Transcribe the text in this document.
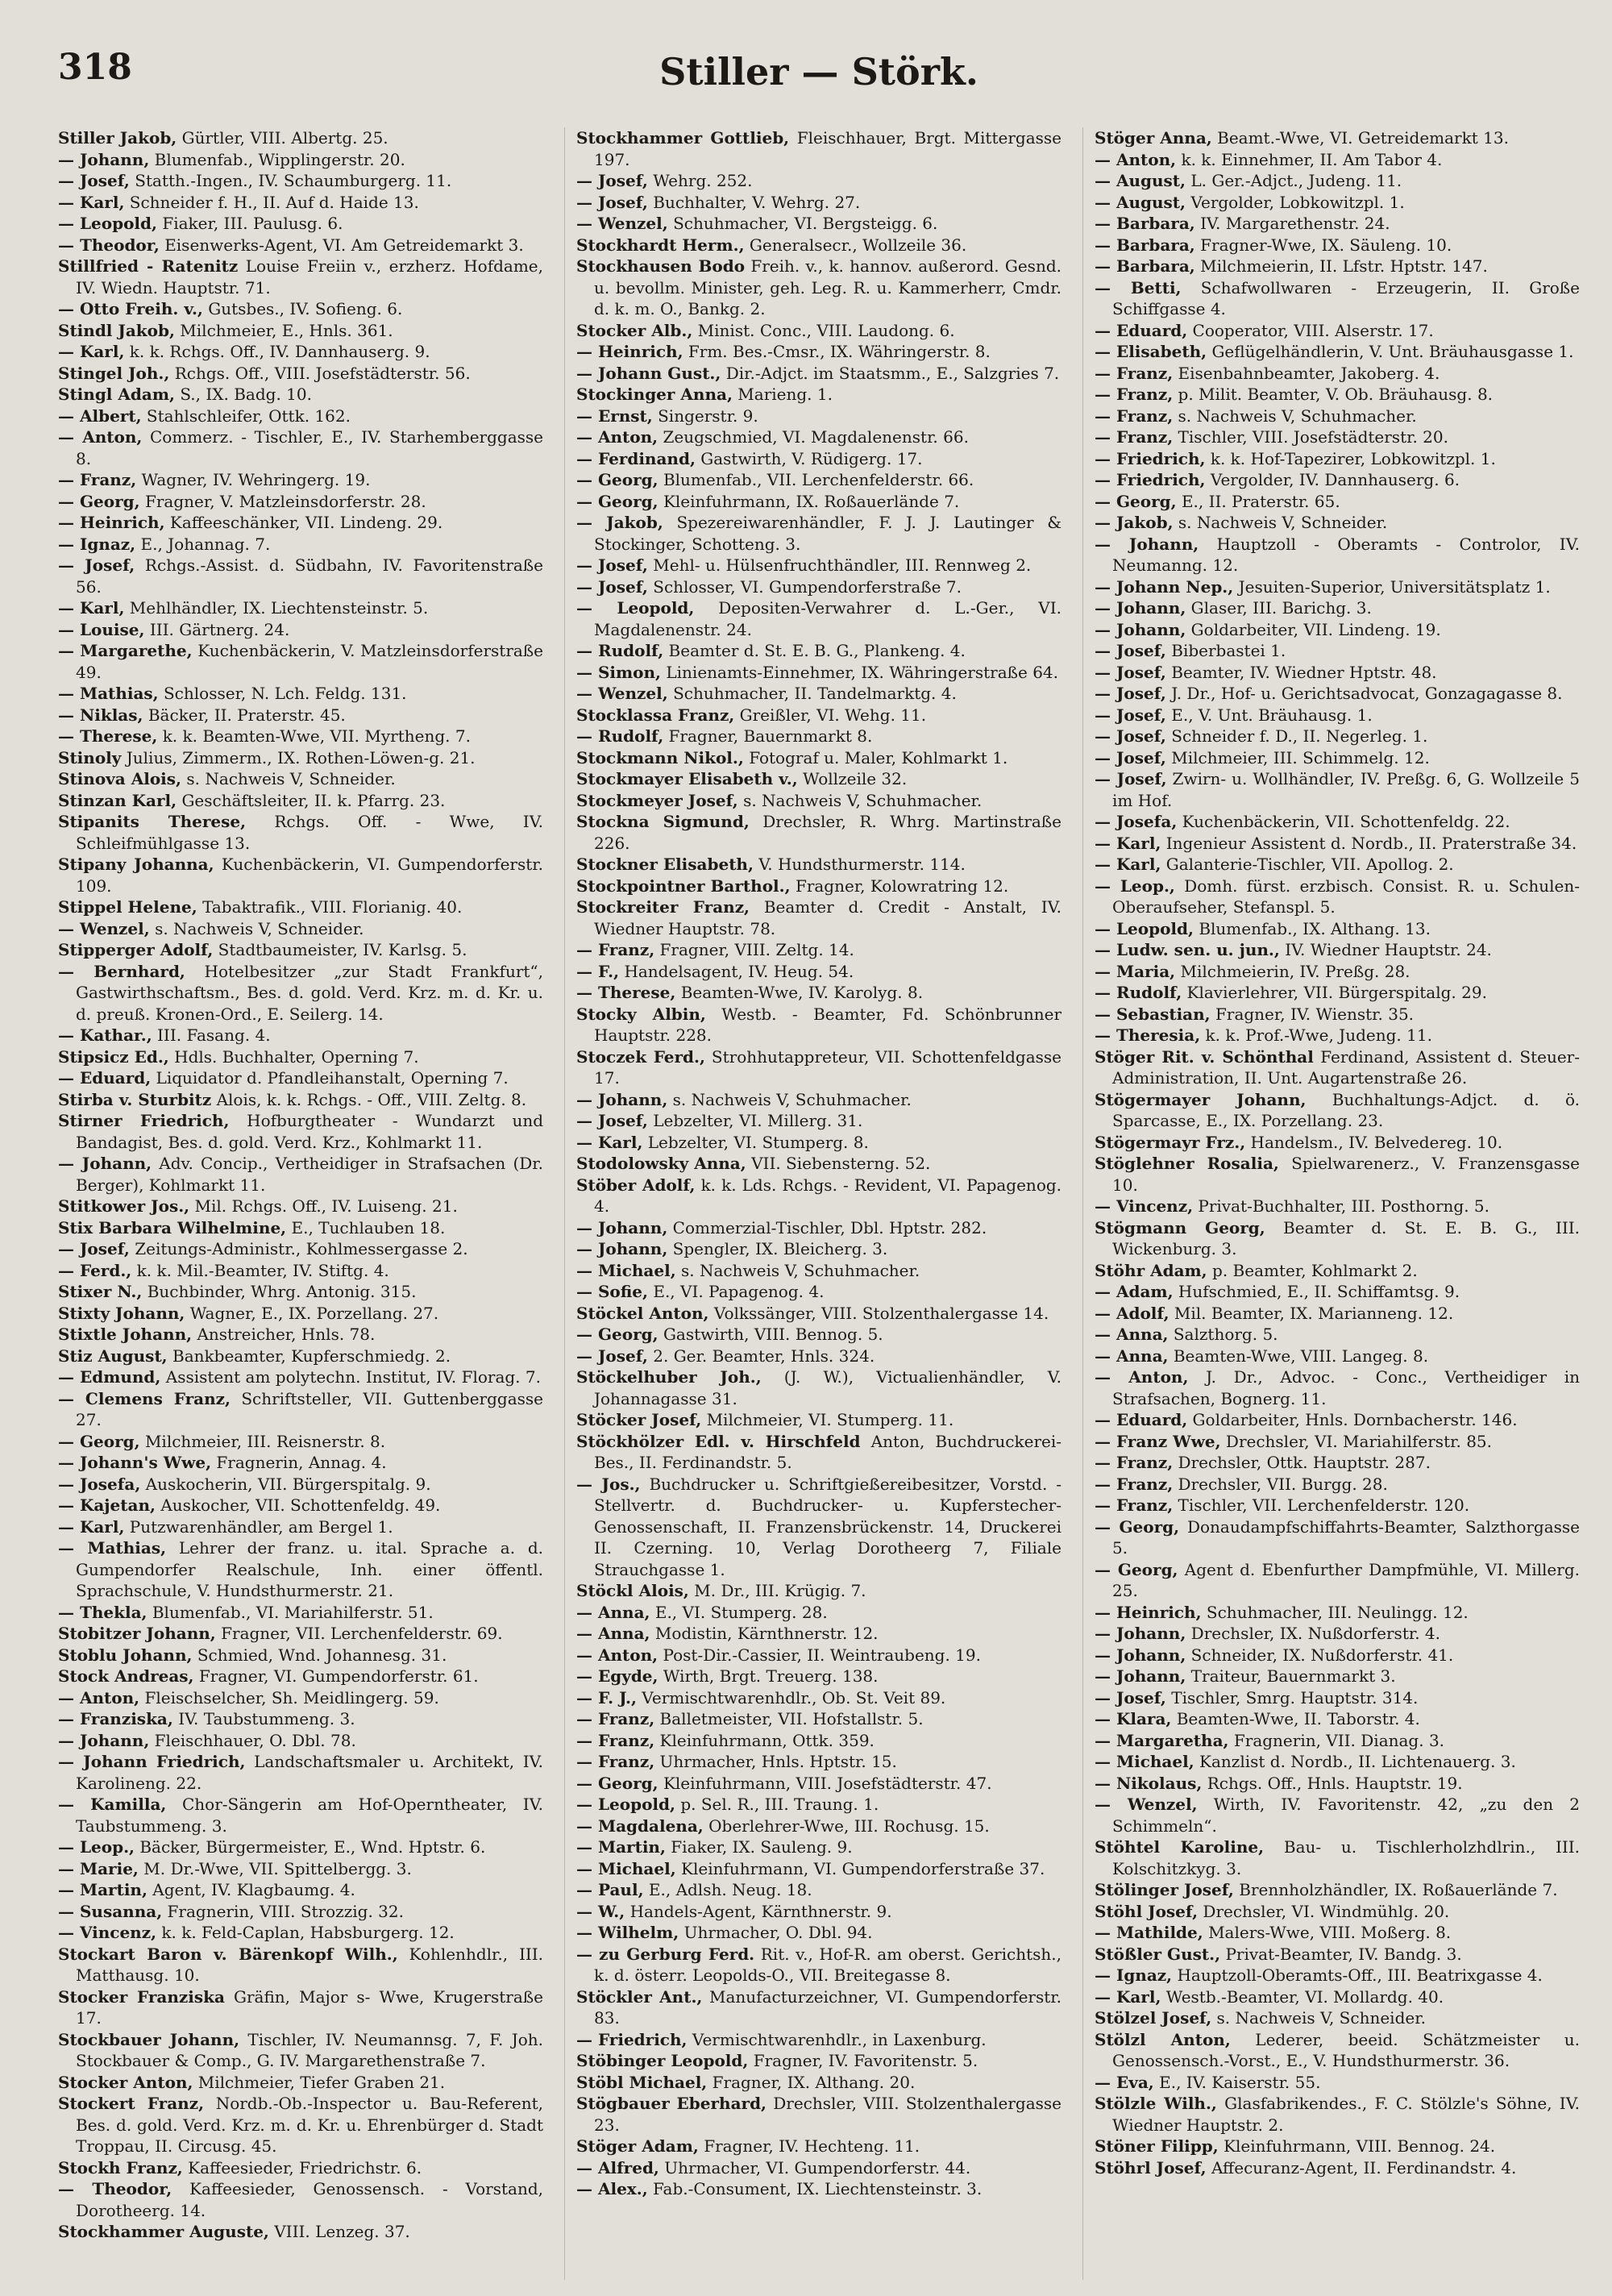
318	Stiller — Störk.
Stiller Jakob, Gürtler, VIII. Albertg. 25.
— Johann, Blumenfab., Wipplingerstr. 20.
— Josef, Statth.-Ingen., IV. Schaumburgerg. 11.
— Karl, Schneider f. H., II. Auf d. Haide 13.
— Leopold, Fiaker, III. Paulusg. 6.
— Theodor, Eisenwerks-Agent, VI. Am Getreidemarkt 3.
Stillfried - Ratenitz Louise Freiin v., erzherz. Hofdame, IV. Wiedn. Hauptstr. 71.
— Otto Freih. v., Gutsbes., IV. Sofieng. 6.
Stindl Jakob, Milchmeier, E., Hnls. 361.
— Karl, k. k. Rchgs. Off., IV. Dannhauserg. 9.
Stingel Joh., Rchgs. Off., VIII. Josefstädterstr. 56.
Stingl Adam, S., IX. Badg. 10.
— Albert, Stahlschleifer, Ottk. 162.
— Anton, Commerz. - Tischler, E., IV. Starhemberggasse 8.
— Franz, Wagner, IV. Wehringerg. 19.
— Georg, Fragner, V. Matzleinsdorferstr. 28.
— Heinrich, Kaffeeschänker, VII. Lindeng. 29.
— Ignaz, E., Johannag. 7.
— Josef, Rchgs.-Assist. d. Südbahn, IV. Favoritenstraße 56.
— Karl, Mehlhändler, IX. Liechtensteinstr. 5.
— Louise, III. Gärtnerg. 24.
— Margarethe, Kuchenbäckerin, V. Matzleinsdorferstraße 49.
— Mathias, Schlosser, N. Lch. Feldg. 131.
— Niklas, Bäcker, II. Praterstr. 45.
— Therese, k. k. Beamten-Wwe, VII. Myrtheng. 7.
Stinoly Julius, Zimmerm., IX. Rothen-Löwen-g. 21.
Stinova Alois, s. Nachweis V, Schneider.
Stinzan Karl, Geschäftsleiter, II. k. Pfarrg. 23.
Stipanits Therese, Rchgs. Off. - Wwe, IV. Schleifmühlgasse 13.
Stipany Johanna, Kuchenbäckerin, VI. Gumpendorferstr. 109.
Stippel Helene, Tabaktrafik., VIII. Florianig. 40.
— Wenzel, s. Nachweis V, Schneider.
Stipperger Adolf, Stadtbaumeister, IV. Karlsg. 5.
— Bernhard, Hotelbesitzer „zur Stadt Frankfurt“, Gastwirthschaftsm., Bes. d. gold. Verd. Krz. m. d. Kr. u. d. preuß. Kronen-Ord., E. Seilerg. 14.
— Kathar., III. Fasang. 4.
Stipsicz Ed., Hdls. Buchhalter, Operning 7.
— Eduard, Liquidator d. Pfandleihanstalt, Operning 7.
Stirba v. Sturbitz Alois, k. k. Rchgs. - Off., VIII. Zeltg. 8.
Stirner Friedrich, Hofburgtheater - Wundarzt und Bandagist, Bes. d. gold. Verd. Krz., Kohlmarkt 11.
— Johann, Adv. Concip., Vertheidiger in Strafsachen (Dr. Berger), Kohlmarkt 11.
Stitkower Jos., Mil. Rchgs. Off., IV. Luiseng. 21.
Stix Barbara Wilhelmine, E., Tuchlauben 18.
— Josef, Zeitungs-Administr., Kohlmessergasse 2.
— Ferd., k. k. Mil.-Beamter, IV. Stiftg. 4.
Stixer N., Buchbinder, Whrg. Antonig. 315.
Stixty Johann, Wagner, E., IX. Porzellang. 27.
Stixtle Johann, Anstreicher, Hnls. 78.
Stiz August, Bankbeamter, Kupferschmiedg. 2.
— Edmund, Assistent am polytechn. Institut, IV. Florag. 7.
— Clemens Franz, Schriftsteller, VII. Guttenberggasse 27.
— Georg, Milchmeier, III. Reisnerstr. 8.
— Johann's Wwe, Fragnerin, Annag. 4.
— Josefa, Auskocherin, VII. Bürgerspitalg. 9.
— Kajetan, Auskocher, VII. Schottenfeldg. 49.
— Karl, Putzwarenhändler, am Bergel 1.
— Mathias, Lehrer der franz. u. ital. Sprache a. d. Gumpendorfer Realschule, Inh. einer öffentl. Sprachschule, V. Hundsthurmerstr. 21.
— Thekla, Blumenfab., VI. Mariahilferstr. 51.
Stobitzer Johann, Fragner, VII. Lerchenfelderstr. 69.
Stoblu Johann, Schmied, Wnd. Johannesg. 31.
Stock Andreas, Fragner, VI. Gumpendorferstr. 61.
— Anton, Fleischselcher, Sh. Meidlingerg. 59.
— Franziska, IV. Taubstummeng. 3.
— Johann, Fleischhauer, O. Dbl. 78.
— Johann Friedrich, Landschaftsmaler u. Architekt, IV. Karolineng. 22.
— Kamilla, Chor-Sängerin am Hof-Operntheater, IV. Taubstummeng. 3.
— Leop., Bäcker, Bürgermeister, E., Wnd. Hptstr. 6.
— Marie, M. Dr.-Wwe, VII. Spittelbergg. 3.
— Martin, Agent, IV. Klagbaumg. 4.
— Susanna, Fragnerin, VIII. Strozzig. 32.
— Vincenz, k. k. Feld-Caplan, Habsburgerg. 12.
Stockart Baron v. Bärenkopf Wilh., Kohlenhdlr., III. Matthausg. 10.
Stocker Franziska Gräfin, Major s- Wwe, Krugerstraße 17.
Stockbauer Johann, Tischler, IV. Neumannsg. 7, F. Joh. Stockbauer & Comp., G. IV. Margarethenstraße 7.
Stocker Anton, Milchmeier, Tiefer Graben 21.
Stockert Franz, Nordb.-Ob.-Inspector u. Bau-Referent, Bes. d. gold. Verd. Krz. m. d. Kr. u. Ehrenbürger d. Stadt Troppau, II. Circusg. 45.
Stockh Franz, Kaffeesieder, Friedrichstr. 6.
— Theodor, Kaffeesieder, Genossensch. - Vorstand, Dorotheerg. 14.
Stockhammer Auguste, VIII. Lenzeg. 37.
Stockhammer Gottlieb, Fleischhauer, Brgt. Mittergasse 197.
— Josef, Wehrg. 252.
— Josef, Buchhalter, V. Wehrg. 27.
— Wenzel, Schuhmacher, VI. Bergsteigg. 6.
Stockhardt Herm., Generalsecr., Wollzeile 36.
Stockhausen Bodo Freih. v., k. hannov. außerord. Gesnd. u. bevollm. Minister, geh. Leg. R. u. Kammerherr, Cmdr. d. k. m. O., Bankg. 2.
Stocker Alb., Minist. Conc., VIII. Laudong. 6.
— Heinrich, Frm. Bes.-Cmsr., IX. Währingerstr. 8.
— Johann Gust., Dir.-Adjct. im Staatsmm., E., Salzgries 7.
Stockinger Anna, Marieng. 1.
— Ernst, Singerstr. 9.
— Anton, Zeugschmied, VI. Magdalenenstr. 66.
— Ferdinand, Gastwirth, V. Rüdigerg. 17.
— Georg, Blumenfab., VII. Lerchenfelderstr. 66.
— Georg, Kleinfuhrmann, IX. Roßauerlände 7.
— Jakob, Spezereiwarenhändler, F. J. J. Lautinger & Stockinger, Schotteng. 3.
— Josef, Mehl- u. Hülsenfruchthändler, III. Rennweg 2.
— Josef, Schlosser, VI. Gumpendorferstraße 7.
— Leopold, Depositen-Verwahrer d. L.-Ger., VI. Magdalenenstr. 24.
— Rudolf, Beamter d. St. E. B. G., Plankeng. 4.
— Simon, Linienamts-Einnehmer, IX. Währingerstraße 64.
— Wenzel, Schuhmacher, II. Tandelmarktg. 4.
Stocklassa Franz, Greißler, VI. Wehg. 11.
— Rudolf, Fragner, Bauernmarkt 8.
Stockmann Nikol., Fotograf u. Maler, Kohlmarkt 1.
Stockmayer Elisabeth v., Wollzeile 32.
Stockmeyer Josef, s. Nachweis V, Schuhmacher.
Stockna Sigmund, Drechsler, R. Whrg. Martinstraße 226.
Stockner Elisabeth, V. Hundsthurmerstr. 114.
Stockpointner Barthol., Fragner, Kolowratring 12.
Stockreiter Franz, Beamter d. Credit - Anstalt, IV. Wiedner Hauptstr. 78.
— Franz, Fragner, VIII. Zeltg. 14.
— F., Handelsagent, IV. Heug. 54.
— Therese, Beamten-Wwe, IV. Karolyg. 8.
Stocky Albin, Westb. - Beamter, Fd. Schönbrunner Hauptstr. 228.
Stoczek Ferd., Strohhutappreteur, VII. Schottenfeldgasse 17.
— Johann, s. Nachweis V, Schuhmacher.
— Josef, Lebzelter, VI. Millerg. 31.
— Karl, Lebzelter, VI. Stumperg. 8.
Stodolowsky Anna, VII. Siebensterng. 52.
Stöber Adolf, k. k. Lds. Rchgs. - Revident, VI. Papagenog. 4.
— Johann, Commerzial-Tischler, Dbl. Hptstr. 282.
— Johann, Spengler, IX. Bleicherg. 3.
— Michael, s. Nachweis V, Schuhmacher.
— Sofie, E., VI. Papagenog. 4.
Stöckel Anton, Volkssänger, VIII. Stolzenthalergasse 14.
— Georg, Gastwirth, VIII. Bennog. 5.
— Josef, 2. Ger. Beamter, Hnls. 324.
Stöckelhuber Joh., (J. W.), Victualienhändler, V. Johannagasse 31.
Stöcker Josef, Milchmeier, VI. Stumperg. 11.
Stöckhölzer Edl. v. Hirschfeld Anton, Buchdruckerei-Bes., II. Ferdinandstr. 5.
— Jos., Buchdrucker u. Schriftgießereibesitzer, Vorstd. - Stellvertr. d. Buchdrucker- u. Kupferstecher-Genossenschaft, II. Franzensbrückenstr. 14, Druckerei II. Czerning. 10, Verlag Dorotheerg 7, Filiale Strauchgasse 1.
Stöckl Alois, M. Dr., III. Krügig. 7.
— Anna, E., VI. Stumperg. 28.
— Anna, Modistin, Kärnthnerstr. 12.
— Anton, Post-Dir.-Cassier, II. Weintraubeng. 19.
— Egyde, Wirth, Brgt. Treuerg. 138.
— F. J., Vermischtwarenhdlr., Ob. St. Veit 89.
— Franz, Balletmeister, VII. Hofstallstr. 5.
— Franz, Kleinfuhrmann, Ottk. 359.
— Franz, Uhrmacher, Hnls. Hptstr. 15.
— Georg, Kleinfuhrmann, VIII. Josefstädterstr. 47.
— Leopold, p. Sel. R., III. Traung. 1.
— Magdalena, Oberlehrer-Wwe, III. Rochusg. 15.
— Martin, Fiaker, IX. Sauleng. 9.
— Michael, Kleinfuhrmann, VI. Gumpendorferstraße 37.
— Paul, E., Adlsh. Neug. 18.
— W., Handels-Agent, Kärnthnerstr. 9.
— Wilhelm, Uhrmacher, O. Dbl. 94.
— zu Gerburg Ferd. Rit. v., Hof-R. am oberst. Gerichtsh., k. d. österr. Leopolds-O., VII. Breitegasse 8.
Stöckler Ant., Manufacturzeichner, VI. Gumpendorferstr. 83.
— Friedrich, Vermischtwarenhdlr., in Laxenburg.
Stöbinger Leopold, Fragner, IV. Favoritenstr. 5.
Stöbl Michael, Fragner, IX. Althang. 20.
Stögbauer Eberhard, Drechsler, VIII. Stolzenthalergasse 23.
Stöger Adam, Fragner, IV. Hechteng. 11.
— Alfred, Uhrmacher, VI. Gumpendorferstr. 44.
— Alex., Fab.-Consument, IX. Liechtensteinstr. 3.
Stöger Anna, Beamt.-Wwe, VI. Getreidemarkt 13.
— Anton, k. k. Einnehmer, II. Am Tabor 4.
— August, L. Ger.-Adjct., Judeng. 11.
— August, Vergolder, Lobkowitzpl. 1.
— Barbara, IV. Margarethenstr. 24.
— Barbara, Fragner-Wwe, IX. Säuleng. 10.
— Barbara, Milchmeierin, II. Lfstr. Hptstr. 147.
— Betti, Schafwollwaren - Erzeugerin, II. Große Schiffgasse 4.
— Eduard, Cooperator, VIII. Alserstr. 17.
— Elisabeth, Geflügelhändlerin, V. Unt. Bräuhausgasse 1.
— Franz, Eisenbahnbeamter, Jakoberg. 4.
— Franz, p. Milit. Beamter, V. Ob. Bräuhausg. 8.
— Franz, s. Nachweis V, Schuhmacher.
— Franz, Tischler, VIII. Josefstädterstr. 20.
— Friedrich, k. k. Hof-Tapezirer, Lobkowitzpl. 1.
— Friedrich, Vergolder, IV. Dannhauserg. 6.
— Georg, E., II. Praterstr. 65.
— Jakob, s. Nachweis V, Schneider.
— Johann, Hauptzoll - Oberamts - Controlor, IV. Neumanng. 12.
— Johann Nep., Jesuiten-Superior, Universitätsplatz 1.
— Johann, Glaser, III. Barichg. 3.
— Johann, Goldarbeiter, VII. Lindeng. 19.
— Josef, Biberbastei 1.
— Josef, Beamter, IV. Wiedner Hptstr. 48.
— Josef, J. Dr., Hof- u. Gerichtsadvocat, Gonzagagasse 8.
— Josef, E., V. Unt. Bräuhausg. 1.
— Josef, Schneider f. D., II. Negerleg. 1.
— Josef, Milchmeier, III. Schimmelg. 12.
— Josef, Zwirn- u. Wollhändler, IV. Preßg. 6, G. Wollzeile 5 im Hof.
— Josefa, Kuchenbäckerin, VII. Schottenfeldg. 22.
— Karl, Ingenieur Assistent d. Nordb., II. Praterstraße 34.
— Karl, Galanterie-Tischler, VII. Apollog. 2.
— Leop., Domh. fürst. erzbisch. Consist. R. u. Schulen-Oberaufseher, Stefanspl. 5.
— Leopold, Blumenfab., IX. Althang. 13.
— Ludw. sen. u. jun., IV. Wiedner Hauptstr. 24.
— Maria, Milchmeierin, IV. Preßg. 28.
— Rudolf, Klavierlehrer, VII. Bürgerspitalg. 29.
— Sebastian, Fragner, IV. Wienstr. 35.
— Theresia, k. k. Prof.-Wwe, Judeng. 11.
Stöger Rit. v. Schönthal Ferdinand, Assistent d. Steuer-Administration, II. Unt. Augartenstraße 26.
Stögermayer Johann, Buchhaltungs-Adjct. d. ö. Sparcasse, E., IX. Porzellang. 23.
Stögermayr Frz., Handelsm., IV. Belvedereg. 10.
Stöglehner Rosalia, Spielwarenerz., V. Franzensgasse 10.
— Vincenz, Privat-Buchhalter, III. Posthorng. 5.
Stögmann Georg, Beamter d. St. E. B. G., III. Wickenburg. 3.
Stöhr Adam, p. Beamter, Kohlmarkt 2.
— Adam, Hufschmied, E., II. Schiffamtsg. 9.
— Adolf, Mil. Beamter, IX. Marianneng. 12.
— Anna, Salzthorg. 5.
— Anna, Beamten-Wwe, VIII. Langeg. 8.
— Anton, J. Dr., Advoc. - Conc., Vertheidiger in Strafsachen, Bognerg. 11.
— Eduard, Goldarbeiter, Hnls. Dornbacherstr. 146.
— Franz Wwe, Drechsler, VI. Mariahilferstr. 85.
— Franz, Drechsler, Ottk. Hauptstr. 287.
— Franz, Drechsler, VII. Burgg. 28.
— Franz, Tischler, VII. Lerchenfelderstr. 120.
— Georg, Donaudampfschiffahrts-Beamter, Salzthorgasse 5.
— Georg, Agent d. Ebenfurther Dampfmühle, VI. Millerg. 25.
— Heinrich, Schuhmacher, III. Neulingg. 12.
— Johann, Drechsler, IX. Nußdorferstr. 4.
— Johann, Schneider, IX. Nußdorferstr. 41.
— Johann, Traiteur, Bauernmarkt 3.
— Josef, Tischler, Smrg. Hauptstr. 314.
— Klara, Beamten-Wwe, II. Taborstr. 4.
— Margaretha, Fragnerin, VII. Dianag. 3.
— Michael, Kanzlist d. Nordb., II. Lichtenauerg. 3.
— Nikolaus, Rchgs. Off., Hnls. Hauptstr. 19.
— Wenzel, Wirth, IV. Favoritenstr. 42, „zu den 2 Schimmeln“.
Stöhtel Karoline, Bau- u. Tischlerholzhdlrin., III. Kolschitzkyg. 3.
Stölinger Josef, Brennholzhändler, IX. Roßauerlände 7.
Stöhl Josef, Drechsler, VI. Windmühlg. 20.
— Mathilde, Malers-Wwe, VIII. Moßerg. 8.
Stößler Gust., Privat-Beamter, IV. Bandg. 3.
— Ignaz, Hauptzoll-Oberamts-Off., III. Beatrixgasse 4.
— Karl, Westb.-Beamter, VI. Mollardg. 40.
Stölzel Josef, s. Nachweis V, Schneider.
Stölzl Anton, Lederer, beeid. Schätzmeister u. Genossensch.-Vorst., E., V. Hundsthurmerstr. 36.
— Eva, E., IV. Kaiserstr. 55.
Stölzle Wilh., Glasfabrikendes., F. C. Stölzle's Söhne, IV. Wiedner Hauptstr. 2.
Stöner Filipp, Kleinfuhrmann, VIII. Bennog. 24.
Stöhrl Josef, Affecuranz-Agent, II. Ferdinandstr. 4.
